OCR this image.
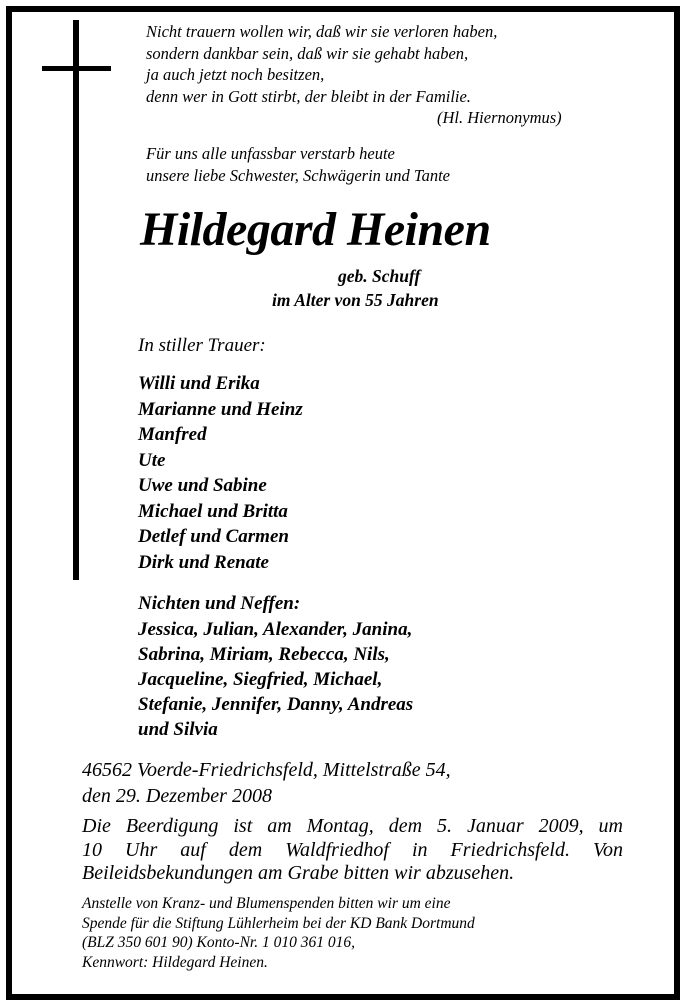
Nicht trauern wollen wir, daß wir sie verloren haben,
sondern dankbar sein, daß wir sie gehabt haben,
ja auch jetzt noch besitzen,
denn wer in Gott stirbt, der bleibt in der Familie.
(Hl. Hiernonymus)
Für uns alle unfassbar verstarb heute
unsere liebe Schwester, Schwägerin und Tante
Hildegard Heinen
geb. Schuff
im Alter von 55 Jahren
In stiller Trauer:
Willi und Erika
Marianne und Heinz
Manfred
Ute
Uwe und Sabine
Michael und Britta
Detlef und Carmen
Dirk und Renate
Nichten und Neffen:
Jessica, Julian, Alexander, Janina,
Sabrina, Miriam, Rebecca, Nils,
Jacqueline, Siegfried, Michael,
Stefanie, Jennifer, Danny, Andreas
und Silvia
46562 Voerde-Friedrichsfeld, Mittelstraße 54,
den 29. Dezember 2008
Die Beerdigung ist am Montag, dem 5. Januar 2009, um
10 Uhr auf dem Waldfriedhof in Friedrichsfeld. Von
Beileidsbekundungen am Grabe bitten wir abzusehen.
Anstelle von Kranz- und Blumenspenden bitten wir um eine
Spende für die Stiftung Lühlerheim bei der KD Bank Dortmund
(BLZ 350 601 90) Konto-Nr. 1 010 361 016,
Kennwort: Hildegard Heinen.
